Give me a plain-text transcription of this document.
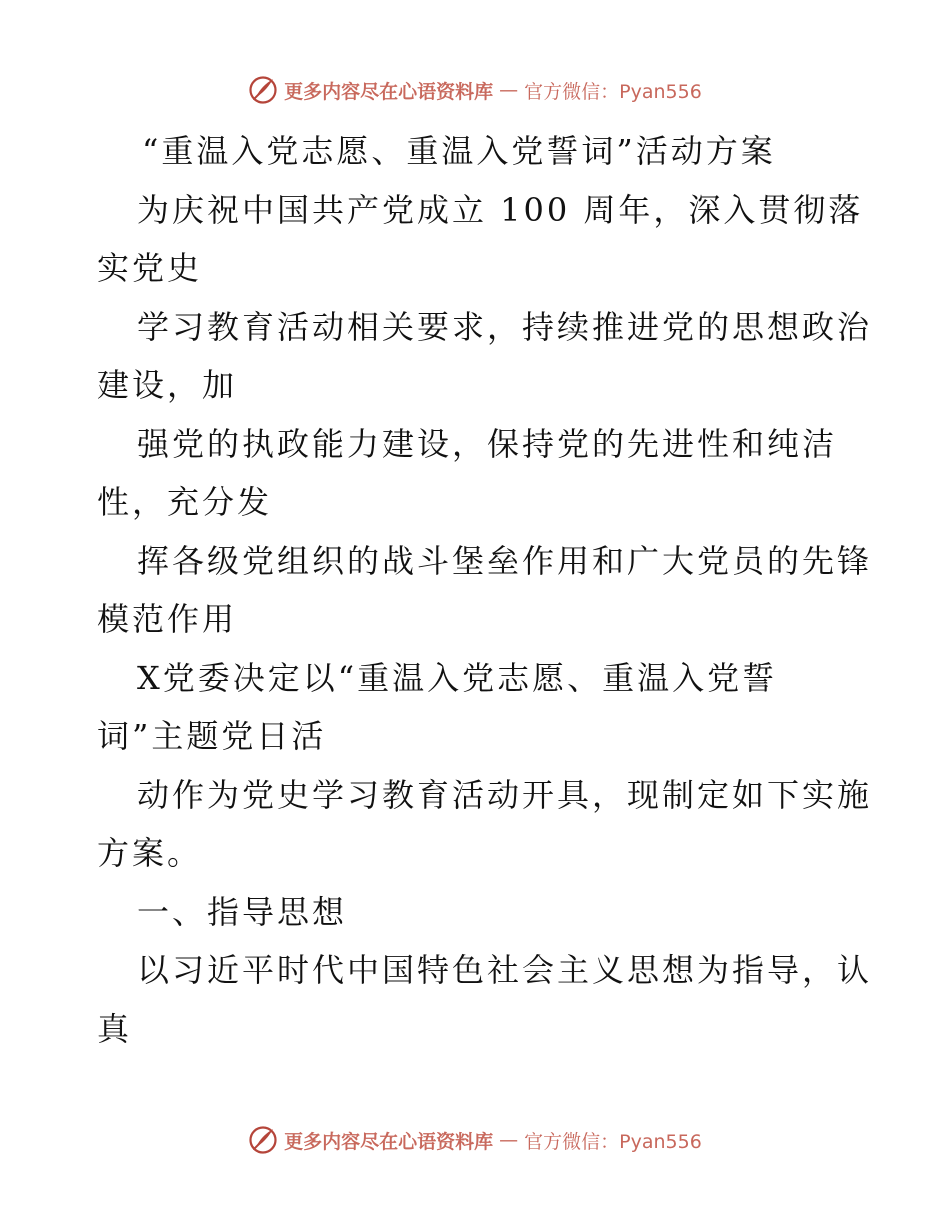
更多内容尽在心语资料库 — 官方微信：Pyan556
“重温入党志愿、重温入党誓词”活动方案
为庆祝中国共产党成立 100 周年，深入贯彻落
实党史
学习教育活动相关要求，持续推进党的思想政治
建设，加
强党的执政能力建设，保持党的先进性和纯洁
性，充分发
挥各级党组织的战斗堡垒作用和广大党员的先锋
模范作用
X党委决定以“重温入党志愿、重温入党誓
词”主题党日活
动作为党史学习教育活动开具，现制定如下实施
方案。
一、指导思想
以习近平时代中国特色社会主义思想为指导，认
真
更多内容尽在心语资料库 — 官方微信：Pyan556
